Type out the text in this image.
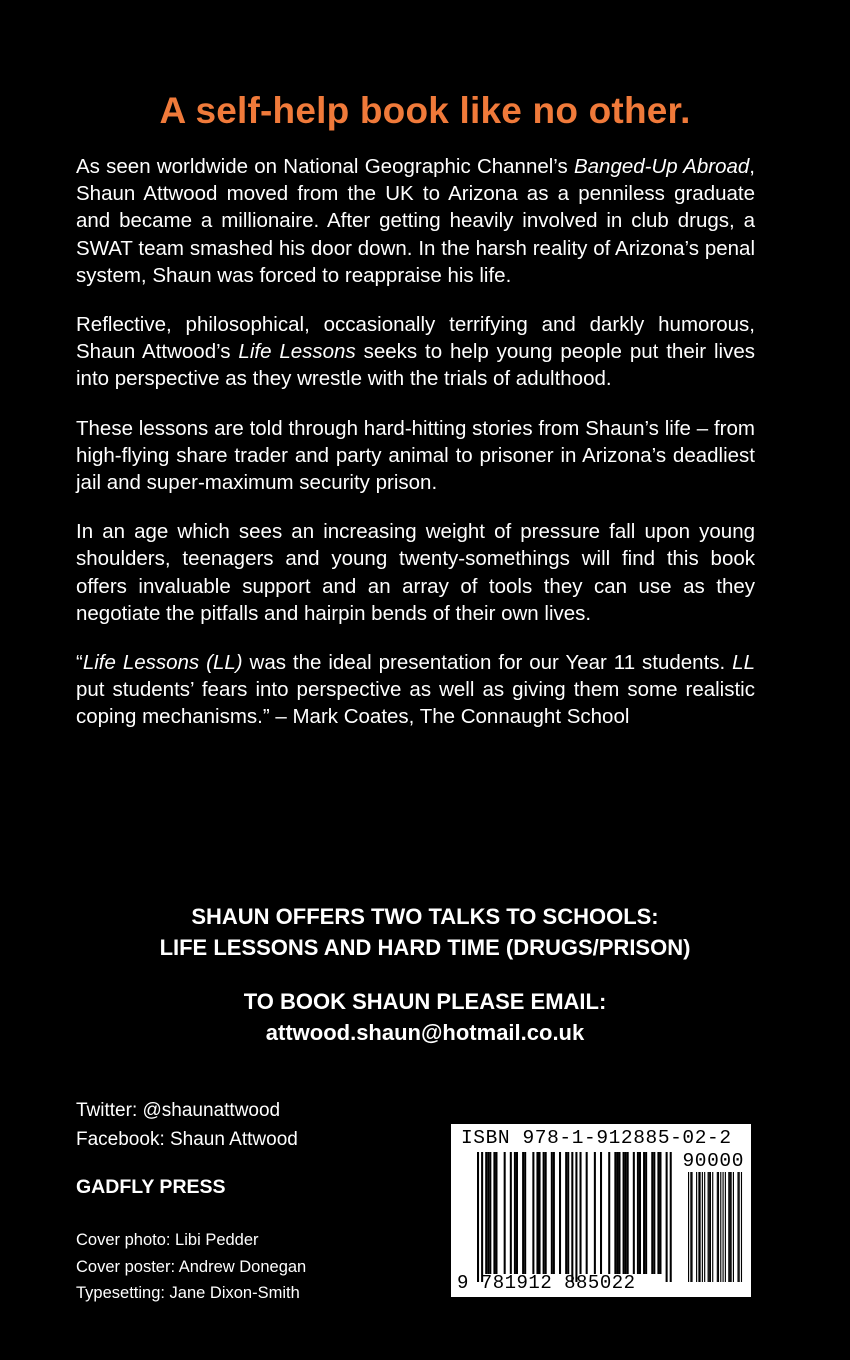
A self-help book like no other.

As seen worldwide on National Geographic Channel’s Banged-Up Abroad, Shaun Attwood moved from the UK to Arizona as a penniless graduate and became a millionaire. After getting heavily involved in club drugs, a SWAT team smashed his door down. In the harsh reality of Arizona’s penal system, Shaun was forced to reappraise his life.

Reflective, philosophical, occasionally terrifying and darkly humorous, Shaun Attwood’s Life Lessons seeks to help young people put their lives into perspective as they wrestle with the trials of adulthood.

These lessons are told through hard-hitting stories from Shaun’s life – from high-flying share trader and party animal to prisoner in Arizona’s deadliest jail and super-maximum security prison.

In an age which sees an increasing weight of pressure fall upon young shoulders, teenagers and young twenty-somethings will find this book offers invaluable support and an array of tools they can use as they negotiate the pitfalls and hairpin bends of their own lives.

“Life Lessons (LL) was the ideal presentation for our Year 11 students. LL put students’ fears into perspective as well as giving them some realistic coping mechanisms.” – Mark Coates, The Connaught School

SHAUN OFFERS TWO TALKS TO SCHOOLS:
LIFE LESSONS AND HARD TIME (DRUGS/PRISON)
TO BOOK SHAUN PLEASE EMAIL:
attwood.shaun@hotmail.co.uk
Twitter: @shaunattwood
Facebook: Shaun Attwood
GADFLY PRESS
Cover photo: Libi Pedder
Cover poster: Andrew Donegan
Typesetting: Jane Dixon-Smith
ISBN 978-1-912885-02-2
90000
9 781912 885022
